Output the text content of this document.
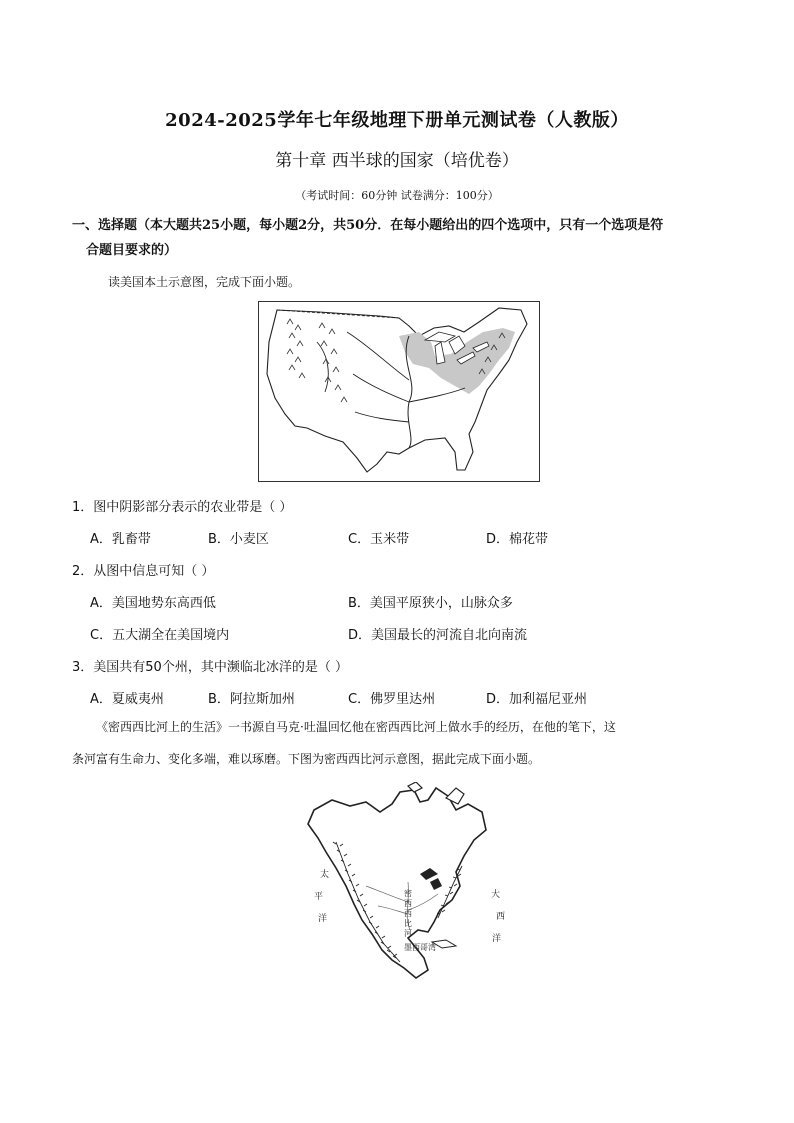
2024-2025学年七年级地理下册单元测试卷（人教版）
第十章 西半球的国家（培优卷）
（考试时间：60分钟 试卷满分：100分）
一、选择题（本大题共25小题，每小题2分，共50分．在每小题给出的四个选项中，只有一个选项是符
合题目要求的）
读美国本土示意图，完成下面小题。
1．图中阴影部分表示的农业带是（ ）
A．乳畜带	B．小麦区	C．玉米带	D．棉花带
2．从图中信息可知（ ）
A．美国地势东高西低	B．美国平原狭小，山脉众多
C．五大湖全在美国境内	D．美国最长的河流自北向南流
3．美国共有50个州，其中濒临北冰洋的是（ ）
A．夏威夷州	B．阿拉斯加州	C．佛罗里达州	D．加利福尼亚州
《密西西比河上的生活》一书源自马克·吐温回忆他在密西西比河上做水手的经历，在他的笔下，这
条河富有生命力、变化多端，难以琢磨。下图为密西西比河示意图，据此完成下面小题。
太
平
洋
大
西
洋
密
西
西
比
河
墨西哥湾
